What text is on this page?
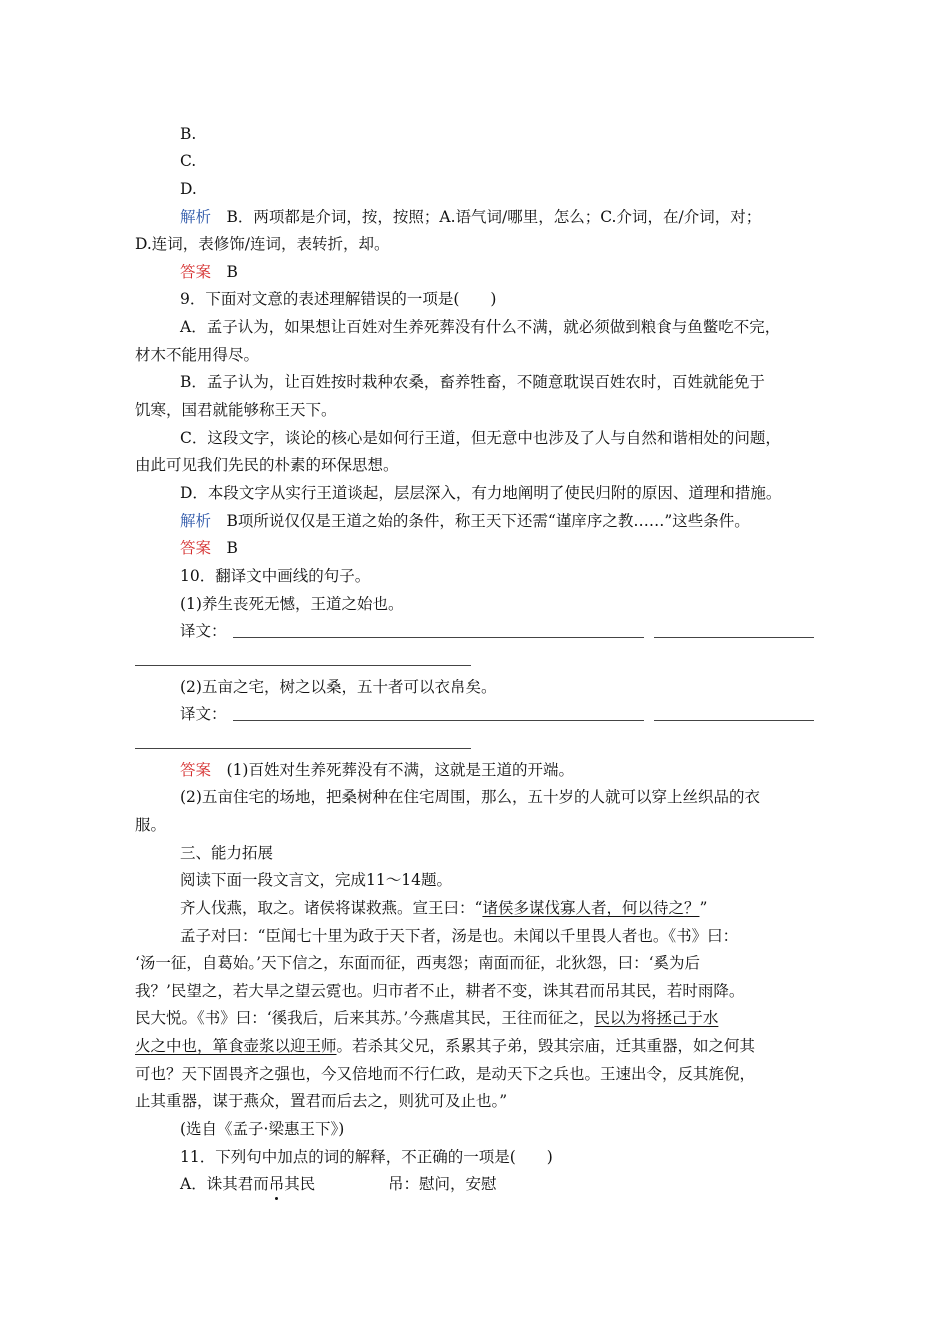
B.
C.
D.
解析　B．两项都是介词，按，按照；A.语气词/哪里，怎么；C.介词，在/介词，对；
D.连词，表修饰/连词，表转折，却。
答案　B
9．下面对文意的表述理解错误的一项是(　　)
A．孟子认为，如果想让百姓对生养死葬没有什么不满，就必须做到粮食与鱼鳖吃不完，
材木不能用得尽。
B．孟子认为，让百姓按时栽种农桑，畜养牲畜，不随意耽误百姓农时，百姓就能免于
饥寒，国君就能够称王天下。
C．这段文字，谈论的核心是如何行王道，但无意中也涉及了人与自然和谐相处的问题，
由此可见我们先民的朴素的环保思想。
D．本段文字从实行王道谈起，层层深入，有力地阐明了使民归附的原因、道理和措施。
解析　B项所说仅仅是王道之始的条件，称王天下还需“谨庠序之教……”这些条件。
答案　B
10．翻译文中画线的句子。
(1)养生丧死无憾，王道之始也。
译文：
(2)五亩之宅，树之以桑，五十者可以衣帛矣。
译文：
答案　(1)百姓对生养死葬没有不满，这就是王道的开端。
(2)五亩住宅的场地，把桑树种在住宅周围，那么，五十岁的人就可以穿上丝织品的衣
服。
三、能力拓展
阅读下面一段文言文，完成11～14题。
齐人伐燕，取之。诸侯将谋救燕。宣王曰：“诸侯多谋伐寡人者，何以待之？”
孟子对曰：“臣闻七十里为政于天下者，汤是也。未闻以千里畏人者也。《书》曰：
‘汤一征，自葛始。’天下信之，东面而征，西夷怨；南面而征，北狄怨，曰：‘奚为后
我？’民望之，若大旱之望云霓也。归市者不止，耕者不变，诛其君而吊其民，若时雨降。
民大悦。《书》曰：‘徯我后，后来其苏。’今燕虐其民，王往而征之，民以为将拯己于水
火之中也，箪食壶浆以迎王师。若杀其父兄，系累其子弟，毁其宗庙，迁其重器，如之何其
可也？天下固畏齐之强也，今又倍地而不行仁政，是动天下之兵也。王速出令，反其旄倪，
止其重器，谋于燕众，置君而后去之，则犹可及止也。”
(选自《孟子·梁惠王下》)
11．下列句中加点的词的解释，不正确的一项是(　　)
A．诛其君而吊其民	吊：慰问，安慰
